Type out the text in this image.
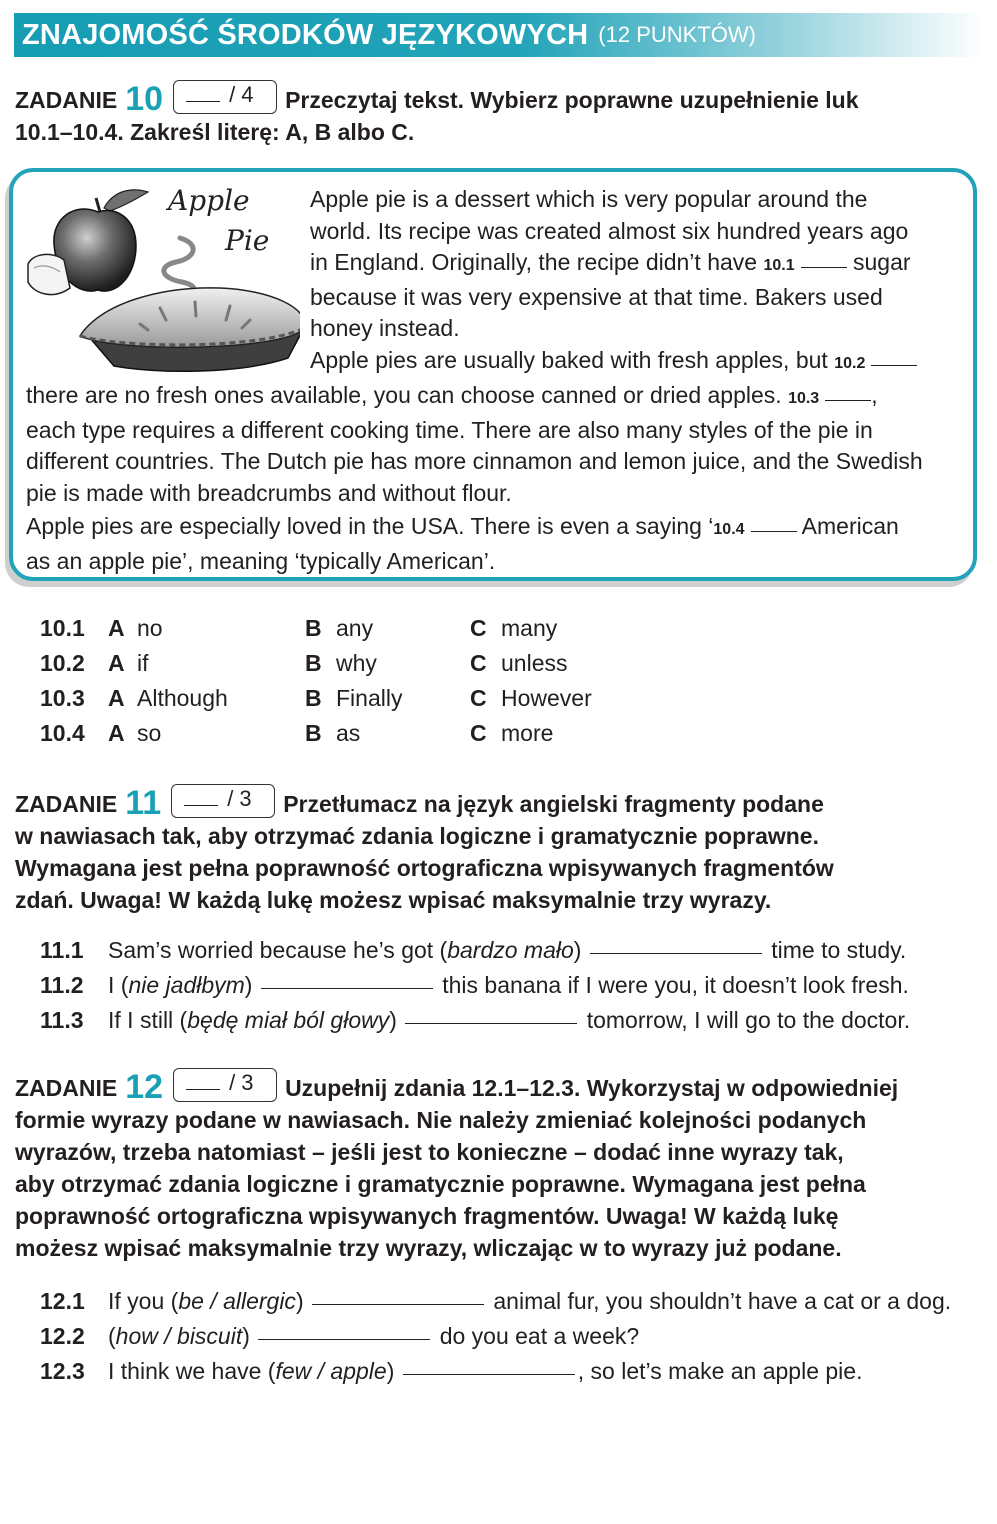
ZNAJOMOŚĆ ŚRODKÓW JĘZYKOWYCH (12 PUNKTÓW)
ZADANIE 10	/ 4 Przeczytaj tekst. Wybierz poprawne uzupełnienie luk
10.1–10.4. Zakreśl literę: A, B albo C.
Apple
Pie
Apple pie is a dessert which is very popular around the
world. Its recipe was created almost six hundred years ago
in England. Originally, the recipe didn’t have 10.1	sugar
because it was very expensive at that time. Bakers used
honey instead.
Apple pies are usually baked with fresh apples, but 10.2
there are no fresh ones available, you can choose canned or dried apples. 10.3 ,
each type requires a different cooking time. There are also many styles of the pie in
different countries. The Dutch pie has more cinnamon and lemon juice, and the Swedish
pie is made with breadcrumbs and without flour.
Apple pies are especially loved in the USA. There is even a saying ‘10.4 American
as an apple pie’, meaning ‘typically American’.
10.1 A no	B any	C many
10.2 A if	B why	C unless
10.3 A Although	B Finally	C However
10.4 A so	B as	C more
ZADANIE 11	/ 3 Przetłumacz na język angielski fragmenty podane
w nawiasach tak, aby otrzymać zdania logiczne i gramatycznie poprawne.
Wymagana jest pełna poprawność ortograficzna wpisywanych fragmentów
zdań. Uwaga! W każdą lukę możesz wpisać maksymalnie trzy wyrazy.
11.1 Sam’s worried because he’s got (bardzo mało)	time to study.
11.2 I (nie jadłbym)	this banana if I were you, it doesn’t look fresh.
11.3 If I still (będę miał ból głowy)	tomorrow, I will go to the doctor.
ZADANIE 12	/ 3 Uzupełnij zdania 12.1–12.3. Wykorzystaj w odpowiedniej
formie wyrazy podane w nawiasach. Nie należy zmieniać kolejności podanych
wyrazów, trzeba natomiast – jeśli jest to konieczne – dodać inne wyrazy tak,
aby otrzymać zdania logiczne i gramatycznie poprawne. Wymagana jest pełna
poprawność ortograficzna wpisywanych fragmentów. Uwaga! W każdą lukę
możesz wpisać maksymalnie trzy wyrazy, wliczając w to wyrazy już podane.
12.1 If you (be / allergic)	animal fur, you shouldn’t have a cat or a dog.
12.2 (how / biscuit)	do you eat a week?
12.3 I think we have (few / apple)	, so let’s make an apple pie.
